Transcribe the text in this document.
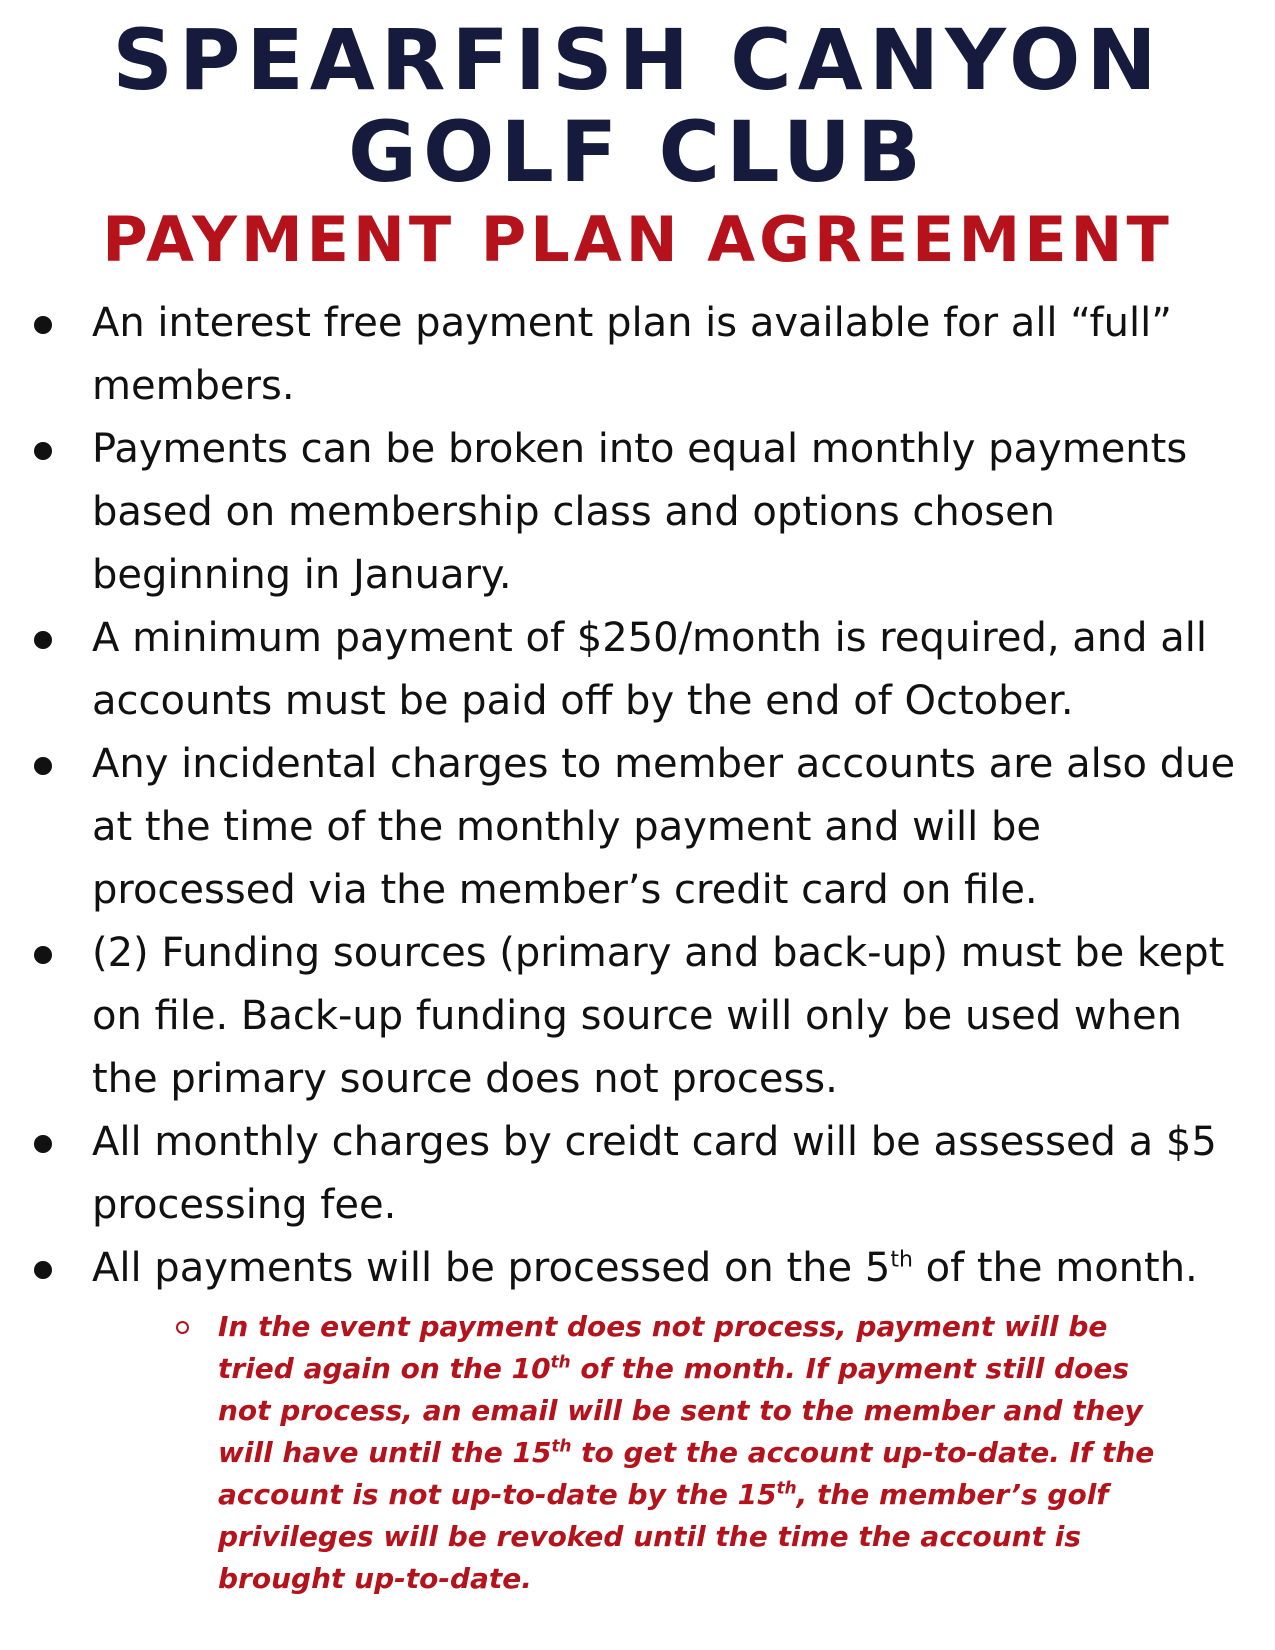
SPEARFISH CANYON
GOLF CLUB
PAYMENT PLAN AGREEMENT
An interest free payment plan is available for all “full” members.
Payments can be broken into equal monthly payments based on membership class and options chosen beginning in January.
A minimum payment of $250/month is required, and all accounts must be paid off by the end of October.
Any incidental charges to member accounts are also due at the time of the monthly payment and will be processed via the member’s credit card on file.
(2) Funding sources (primary and back-up) must be kept on file. Back-up funding source will only be used when the primary source does not process.
All monthly charges by creidt card will be assessed a $5 processing fee.
All payments will be processed on the 5th of the month.
In the event payment does not process, payment will be tried again on the 10th of the month. If payment still does not process, an email will be sent to the member and they will have until the 15th to get the account up-to-date. If the account is not up-to-date by the 15th, the member’s golf privileges will be revoked until the time the account is brought up-to-date.
